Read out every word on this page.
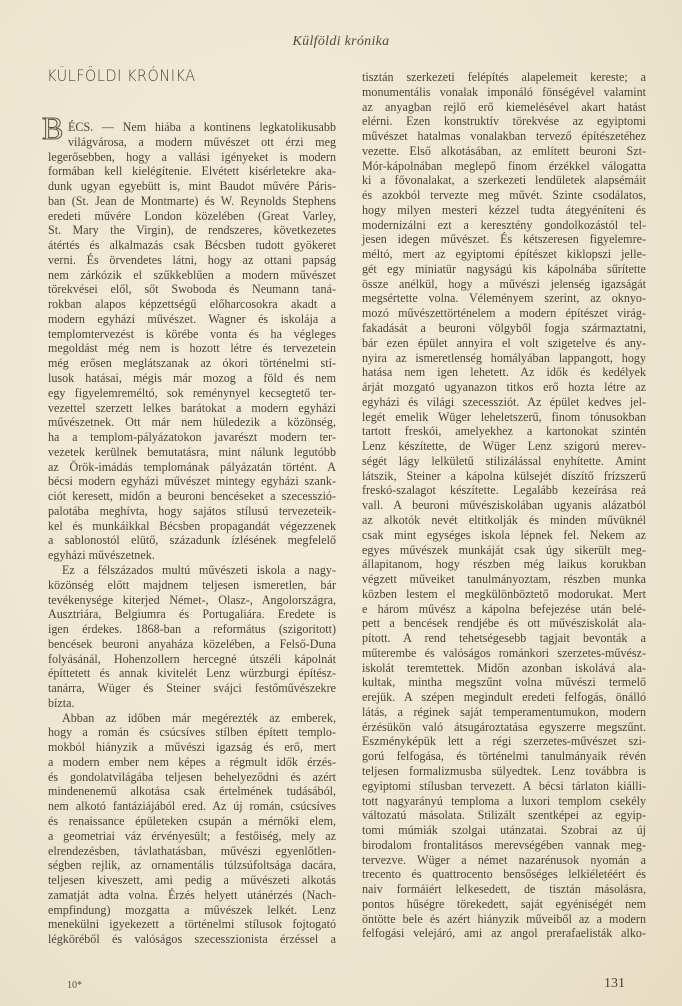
Külföldi krónika
KÜLFÖLDI KRÓNIKA
B ÉCS. — Nem hiába a kontinens legkatolikusabb
világvárosa, a modern művészet ott érzi meg
legerősebben, hogy a vallási igényeket is modern
formában kell kielégítenie. Elvétett kisérletekre aka-
dunk ugyan egyebütt is, mint Baudot művére Páris-
ban (St. Jean de Montmarte) és W. Reynolds Stephens
eredeti művére London közelében (Great Varley,
St. Mary the Virgin), de rendszeres, következetes
átértés és alkalmazás csak Bécsben tudott gyökeret
verni. És örvendetes látni, hogy az ottani papság
nem zárkózik el szűkkeblűen a modern művészet
törekvései elől, sőt Swoboda és Neumann taná-
rokban alapos képzettségű előharcosokra akadt a
modern egyházi művészet. Wagner és iskolája a
templomtervezést is körébe vonta és ha végleges
megoldást még nem is hozott létre és tervezetein
még erősen meglátszanak az ókori történelmi stí-
lusok hatásai, mégis már mozog a föld és nem
egy figyelemreméltó, sok reménynyel kecsegtető ter-
vezettel szerzett lelkes barátokat a modern egyházi
művészetnek. Ott már nem hüledezik a közönség,
ha a templom-pályázatokon javarészt modern ter-
vezetek kerülnek bemutatásra, mint nálunk legutóbb
az Örök-imádás templomának pályázatán történt. A
bécsi modern egyházi művészet mintegy egyházi szank-
ciót keresett, midőn a beuroni bencéseket a szecesszió-
palotába meghívta, hogy sajátos stílusú tervezeteik-
kel és munkáikkal Bécsben propagandát végezzenek
a sablonostól elütő, századunk ízlésének megfelelő
egyházi művészetnek.
Ez a félszázados multú művészeti iskola a nagy-
közönség előtt majdnem teljesen ismeretlen, bár
tevékenysége kiterjed Német-, Olasz-, Angolországra,
Ausztriára, Belgiumra és Portugaliára. Eredete is
igen érdekes. 1868-ban a református (szigoritott)
bencések beuroni anyaháza közelében, a Felső-Duna
folyásánál, Hohenzollern hercegné útszéli kápolnát
építtetett és annak kivitelét Lenz würzburgi építész-
tanárra, Wüger és Steiner svájci festőművészekre
bízta.
Abban az időben már megérezték az emberek,
hogy a román és csúcsíves stílben épített templo-
mokból hiányzik a művészi igazság és erő, mert
a modern ember nem képes a régmult idők érzés-
és gondolatvilágába teljesen behelyeződni és azért
mindenenemű alkotása csak értelmének tudásából,
nem alkotó fantáziájából ered. Az új román, csúcsíves
és renaissance épületeken csupán a mérnöki elem,
a geometriai váz érvényesült; a festőiség, mely az
elrendezésben, távlathatásban, művészi egyenlőtlen-
ségben rejlik, az ornamentális túlzsúfoltsága dacára,
teljesen kiveszett, ami pedig a művészeti alkotás
zamatját adta volna. Érzés helyett utánérzés (Nach-
empfindung) mozgatta a művészek lelkét. Lenz
menekülni igyekezett a történelmi stílusok fojtogató
légköréből és valóságos szecesszionista érzéssel a
tisztán szerkezeti felépítés alapelemeit kereste; a
monumentális vonalak imponáló fönségével valamint
az anyagban rejlő erő kiemelésével akart hatást
elérni. Ezen konstruktív törekvése az egyiptomi
művészet hatalmas vonalakban tervező építészetéhez
vezette. Első alkotásában, az említett beuroni Szt-
Mór-kápolnában meglepő finom érzékkel válogatta
ki a fővonalakat, a szerkezeti lendületek alapsémáit
és azokból tervezte meg művét. Szinte csodálatos,
hogy milyen mesteri kézzel tudta átegyéníteni és
modernizálni ezt a keresztény gondolkozástól tel-
jesen idegen művészet. És kétszeresen figyelemre-
méltó, mert az egyiptomi építészet kiklopszi jelle-
gét egy miniatür nagyságú kis kápolnába sűrítette
össze anélkül, hogy a művészi jelenség igazságát
megsértette volna. Véleményem szerint, az oknyo-
mozó művészettörténelem a modern építészet virág-
fakadását a beuroni völgyből fogja származtatni,
bár ezen épület annyira el volt szigetelve és any-
nyira az ismeretlenség homályában lappangott, hogy
hatása nem igen lehetett. Az idők és kedélyek
árját mozgató ugyanazon titkos erő hozta létre az
egyházi és világi szecessziót. Az épület kedves jel-
legét emelik Wüger leheletszerű, finom tónusokban
tartott freskói, amelyekhez a kartonokat szintén
Lenz készítette, de Wüger Lenz szigorú merev-
ségét lágy lelkületű stilizálással enyhítette. Amint
látszik, Steiner a kápolna külsejét díszítő frízszerű
freskó-szalagot készítette. Legalább kezeírása reá
vall. A beuroni művésziskolában ugyanis alázatból
az alkotók nevét eltitkolják és minden művüknél
csak mint egységes iskola lépnek fel. Nekem az
egyes művészek munkáját csak úgy sikerült meg-
állapitanom, hogy részben még laikus korukban
végzett műveiket tanulmányoztam, részben munka
közben lestem el megkülönböztető modorukat. Mert
e három művész a kápolna befejezése után belé-
pett a bencések rendjébe és ott művésziskolát ala-
pított. A rend tehetségesebb tagjait bevonták a
műterembe és valóságos románkori szerzetes-művész-
iskolát teremtettek. Midőn azonban iskolává ala-
kultak, mintha megszűnt volna művészi termelő
erejük. A szépen megindult eredeti felfogás, önálló
látás, a réginek saját temperamentumukon, modern
érzésükön való átsugároztatása egyszerre megszűnt.
Eszményképük lett a régi szerzetes-művészet szi-
gorú felfogása, és történelmi tanulmányaik révén
teljesen formalizmusba sülyedtek. Lenz továbbra is
egyiptomi stílusban tervezett. A bécsi tárlaton kiálli-
tott nagyarányú temploma a luxori templom csekély
változatú másolata. Stilizált szentképei az egyip-
tomi múmiák szolgai utánzatai. Szobrai az új
birodalom frontalitásos merevségében vannak meg-
tervezve. Wüger a német nazarénusok nyomán a
trecento és quattrocento bensőséges lelkiéletéért és
naiv formáiért lelkesedett, de tisztán másolásra,
pontos hűségre törekedett, saját egyéniségét nem
öntötte bele és azért hiányzik műveiből az a modern
felfogási velejáró, ami az angol prerafaelisták alko-
10*	131
